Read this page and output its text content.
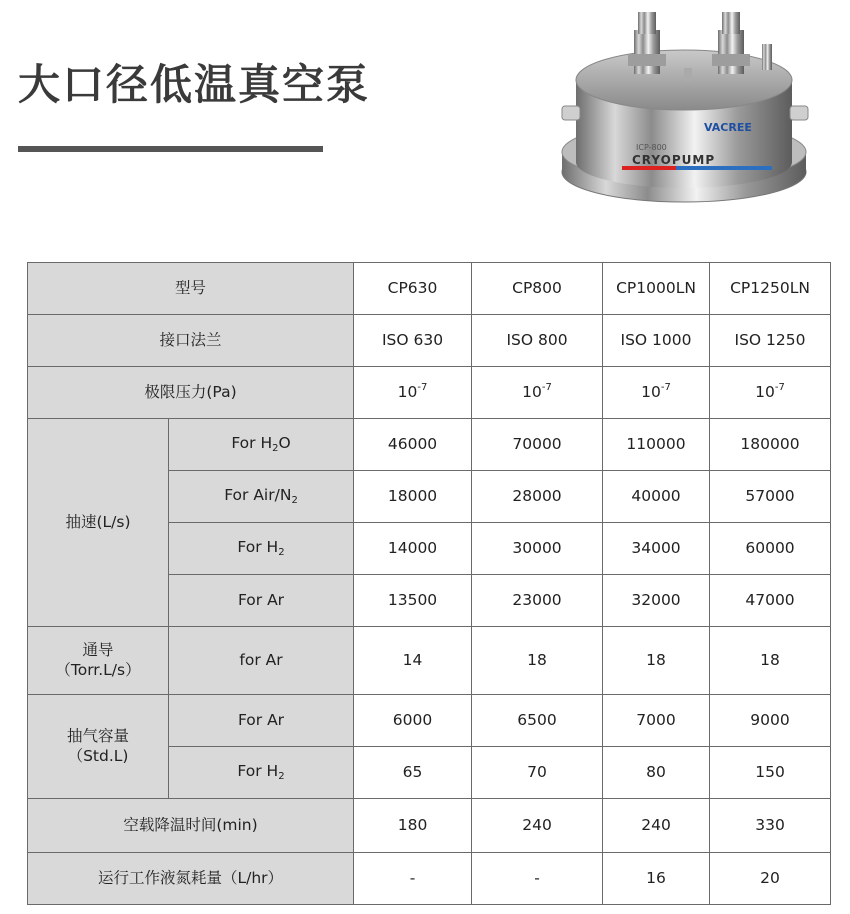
大口径低温真空泵
VACREE
ICP-800
CRYOPUMP
型号		CP630	CP800	CP1000LN	CP1250LN
接口法兰		ISO 630	ISO 800	ISO 1000	ISO 1250
极限压力(Pa)		$10^{-7}$	$10^{-7}$	$10^{-7}$	$10^{-7}$
抽速(L/s)	For $H_2O$	46000	70000	110000	180000
	For Air/$N_2$	18000	28000	40000	57000
	For $H_2$	14000	30000	34000	60000
	For Ar	13500	23000	32000	47000

通导
（Torr.L/s）	for Ar	14	18	18	18

抽气容量
（Std.L)	For Ar	6000	6500	7000	9000
	For $H_2$	65	70	80	150
空载降温时间(min)		180	240	240	330
运行工作液氮耗量（L/hr）		-	-	16	20
